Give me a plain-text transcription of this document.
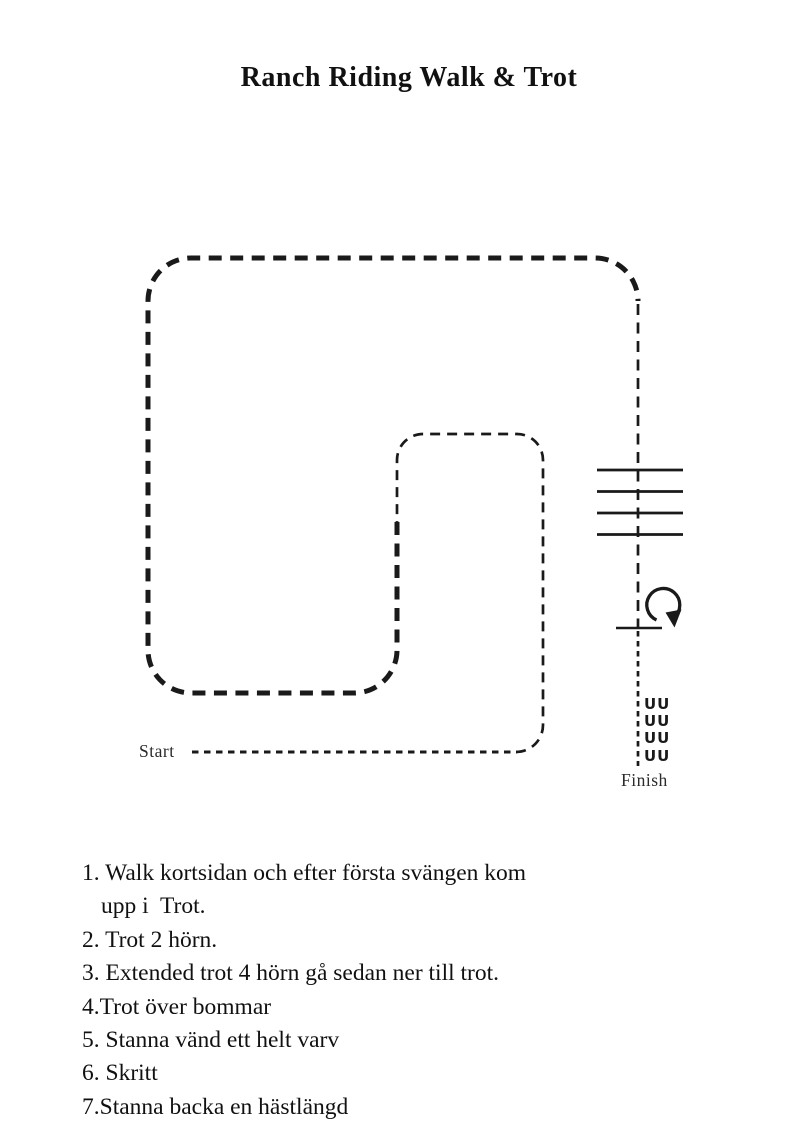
Ranch Riding Walk & Trot
Start
UU
UU
UU
UU
Finish
1. Walk kortsidan och efter första svängen kom
upp i  Trot.
2. Trot 2 hörn.
3. Extended trot 4 hörn gå sedan ner till trot.
4.Trot över bommar
5. Stanna vänd ett helt varv
6. Skritt
7.Stanna backa en hästlängd
